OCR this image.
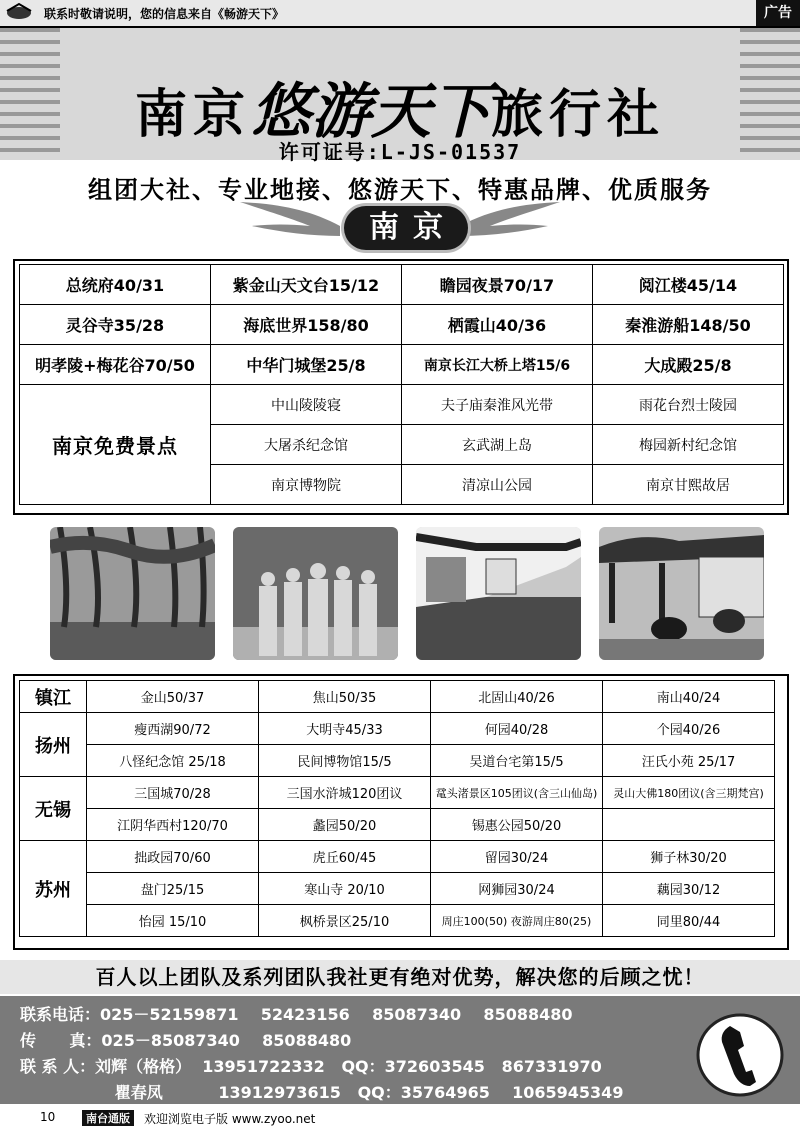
联系时敬请说明，您的信息来自《畅游天下》	广告
南京悠游天下旅行社
许可证号:L-JS-01537
组团大社、专业地接、悠游天下、特惠品牌、优质服务
南京
总统府40/31	紫金山天文台15/12	瞻园夜景70/17	阅江楼45/14
灵谷寺35/28	海底世界158/80	栖霞山40/36	秦淮游船148/50
明孝陵+梅花谷70/50	中华门城堡25/8	南京长江大桥上塔15/6	大成殿25/8
南京免费景点	中山陵陵寝	夫子庙秦淮风光带	雨花台烈士陵园
	大屠杀纪念馆	玄武湖上岛	梅园新村纪念馆
	南京博物院	清凉山公园	南京甘熙故居
镇江	金山50/37	焦山50/35	北固山40/26	南山40/24
扬州	瘦西湖90/72	大明寺45/33	何园40/28	个园40/26
	八怪纪念馆 25/18	民间博物馆15/5	吴道台宅第15/5	汪氏小苑 25/17
无锡	三国城70/28	三国水浒城120团议	鼋头渚景区105团议(含三山仙岛)	灵山大佛180团议(含三期梵宫)
	江阴华西村120/70	蠡园50/20	锡惠公园50/20	
苏州	拙政园70/60	虎丘60/45	留园30/24	狮子林30/20
	盘门25/15	寒山寺 20/10	网狮园30/24	藕园30/12
	怡园 15/10	枫桥景区25/10	周庄100(50) 夜游周庄80(25)	同里80/44
百人以上团队及系列团队我社更有绝对优势，解决您的后顾之忧！
联系电话：025－52159871    52423156    85087340    85088480
传      真：025－85087340    85088480
联 系 人：刘辉（格格）  13951722332   QQ：372603545   867331970
瞿春凤          13912973615   QQ：35764965    1065945349
10	南台通版	欢迎浏览电子版 www.zyoo.net
